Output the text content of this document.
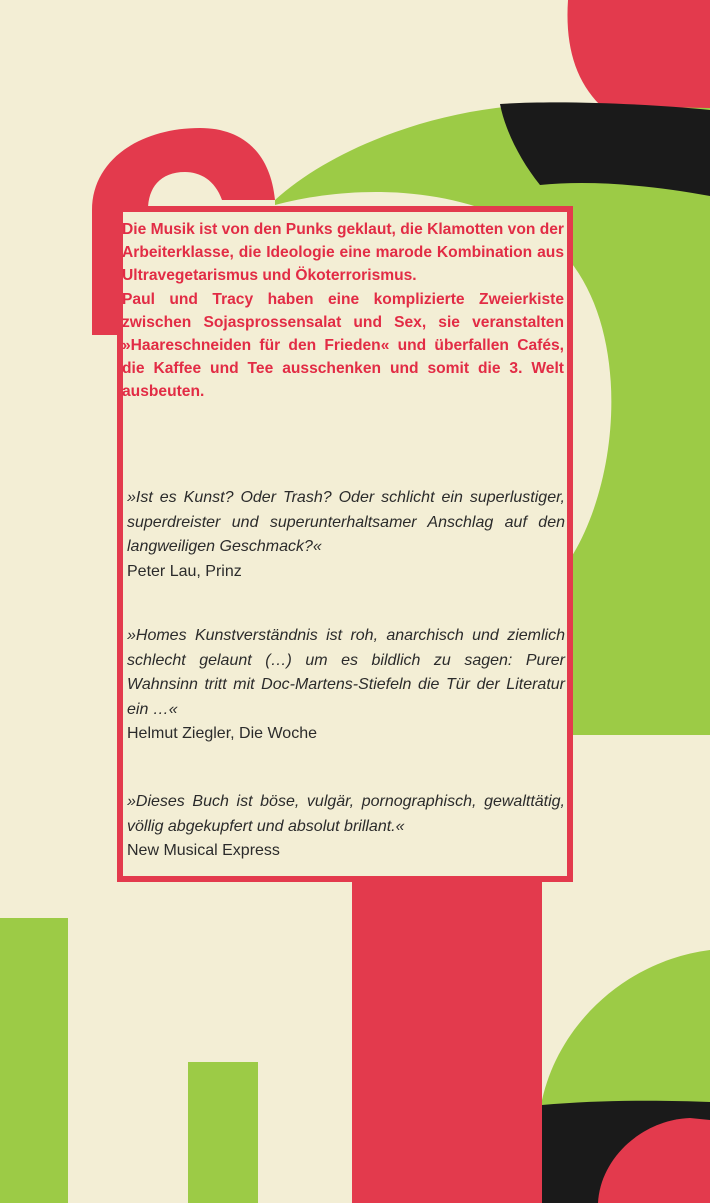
Die Musik ist von den Punks geklaut, die Klamotten von der Arbeiterklasse, die Ideologie eine marode Kombination aus Ultravegetarismus und Ökoterrorismus.

Paul und Tracy haben eine komplizierte Zweierkiste zwischen Sojasprossensalat und Sex, sie veranstalten »Haareschneiden für den Frieden« und überfallen Cafés, die Kaffee und Tee ausschenken und somit die 3. Welt ausbeuten.

»Ist es Kunst? Oder Trash? Oder schlicht ein superlustiger, superdreister und superunterhaltsamer Anschlag auf den langweiligen Geschmack?«
Peter Lau, Prinz
»Homes Kunstverständnis ist roh, anarchisch und ziemlich schlecht gelaunt (…) um es bildlich zu sagen: Purer Wahnsinn tritt mit Doc-Martens-Stiefeln die Tür der Literatur ein …«
Helmut Ziegler, Die Woche
»Dieses Buch ist böse, vulgär, pornographisch, gewalttätig, völlig abgekupfert und absolut brillant.«
New Musical Express
